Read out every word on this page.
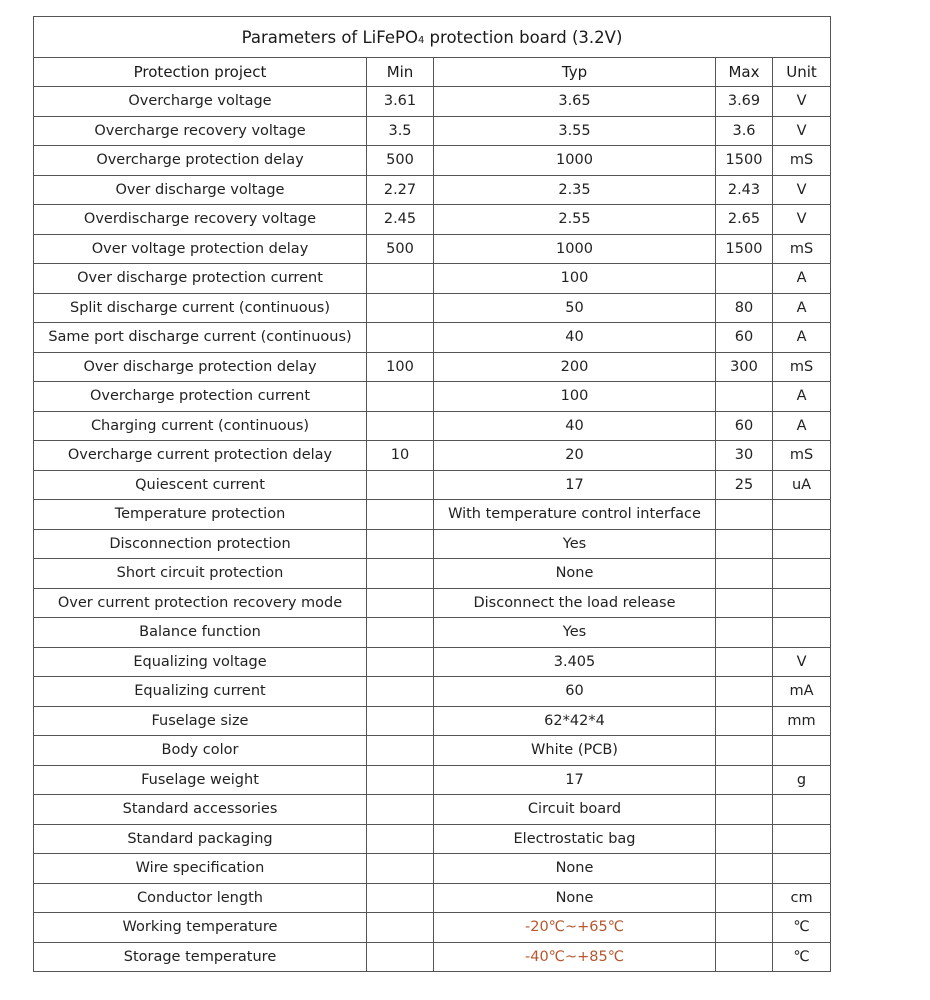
Parameters of LiFePO4 protection board (3.2V)				
Protection project	Min	Typ	Max	Unit
Overcharge voltage	3.61	3.65	3.69	V
Overcharge recovery voltage	3.5	3.55	3.6	V
Overcharge protection delay	500	1000	1500	mS
Over discharge voltage	2.27	2.35	2.43	V
Overdischarge recovery voltage	2.45	2.55	2.65	V
Over voltage protection delay	500	1000	1500	mS
Over discharge protection current		100		A
Split discharge current (continuous)		50	80	A
Same port discharge current (continuous)		40	60	A
Over discharge protection delay	100	200	300	mS
Overcharge protection current		100		A
Charging current (continuous)		40	60	A
Overcharge current protection delay	10	20	30	mS
Quiescent current		17	25	uA
Temperature protection		With temperature control interface		
Disconnection protection		Yes		
Short circuit protection		None		
Over current protection recovery mode		Disconnect the load release		
Balance function		Yes		
Equalizing voltage		3.405		V
Equalizing current		60		mA
Fuselage size		62*42*4		mm
Body color		White (PCB)		
Fuselage weight		17		g
Standard accessories		Circuit board		
Standard packaging		Electrostatic bag		
Wire specification		None		
Conductor length		None		cm
Working temperature		-20℃~+65℃		℃
Storage temperature		-40℃~+85℃		℃
